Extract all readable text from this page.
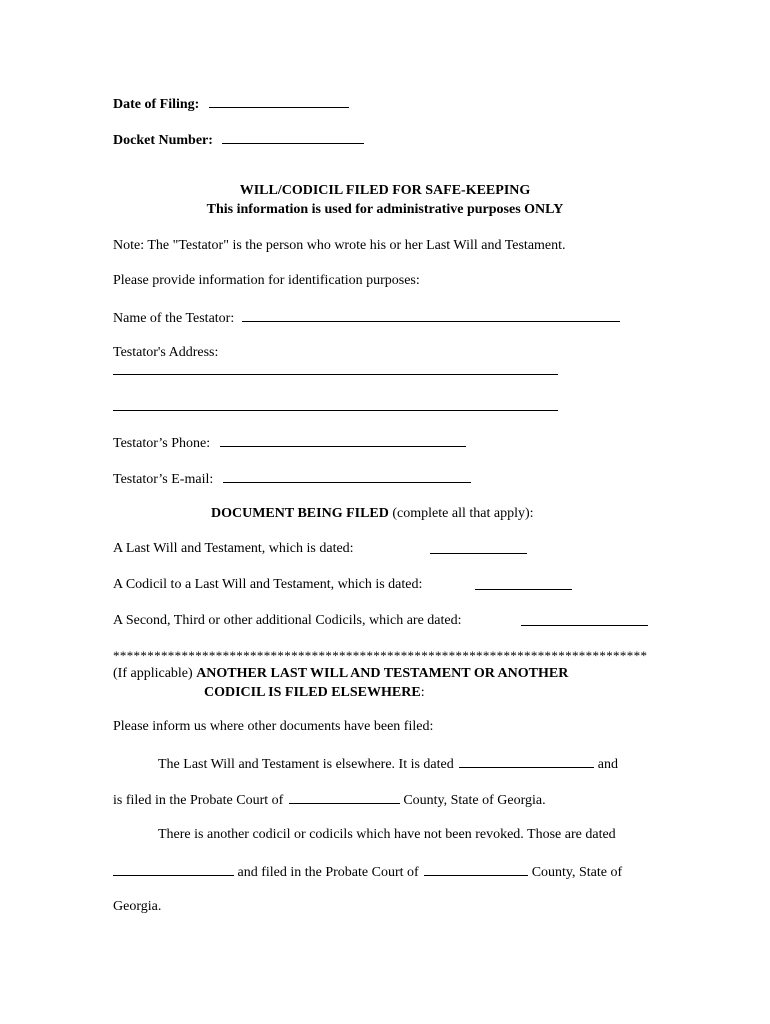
Date of Filing:
Docket Number:
WILL/CODICIL FILED FOR SAFE-KEEPING
This information is used for administrative purposes ONLY
Note: The "Testator" is the person who wrote his or her Last Will and Testament.
Please provide information for identification purposes:
Name of the Testator:
Testator's Address:
Testator’s Phone:
Testator’s E-mail:
DOCUMENT BEING FILED (complete all that apply):
A Last Will and Testament, which is dated:
A Codicil to a Last Will and Testament, which is dated:
A Second, Third or other additional Codicils, which are dated:
******************************************************************************
(If applicable) ANOTHER LAST WILL AND TESTAMENT OR ANOTHER
CODICIL IS FILED ELSEWHERE:
Please inform us where other documents have been filed:
The Last Will and Testament is elsewhere. It is dated	and
is filed in the Probate Court of	County, State of Georgia.
There is another codicil or codicils which have not been revoked. Those are dated
and filed in the Probate Court of	County, State of
Georgia.
